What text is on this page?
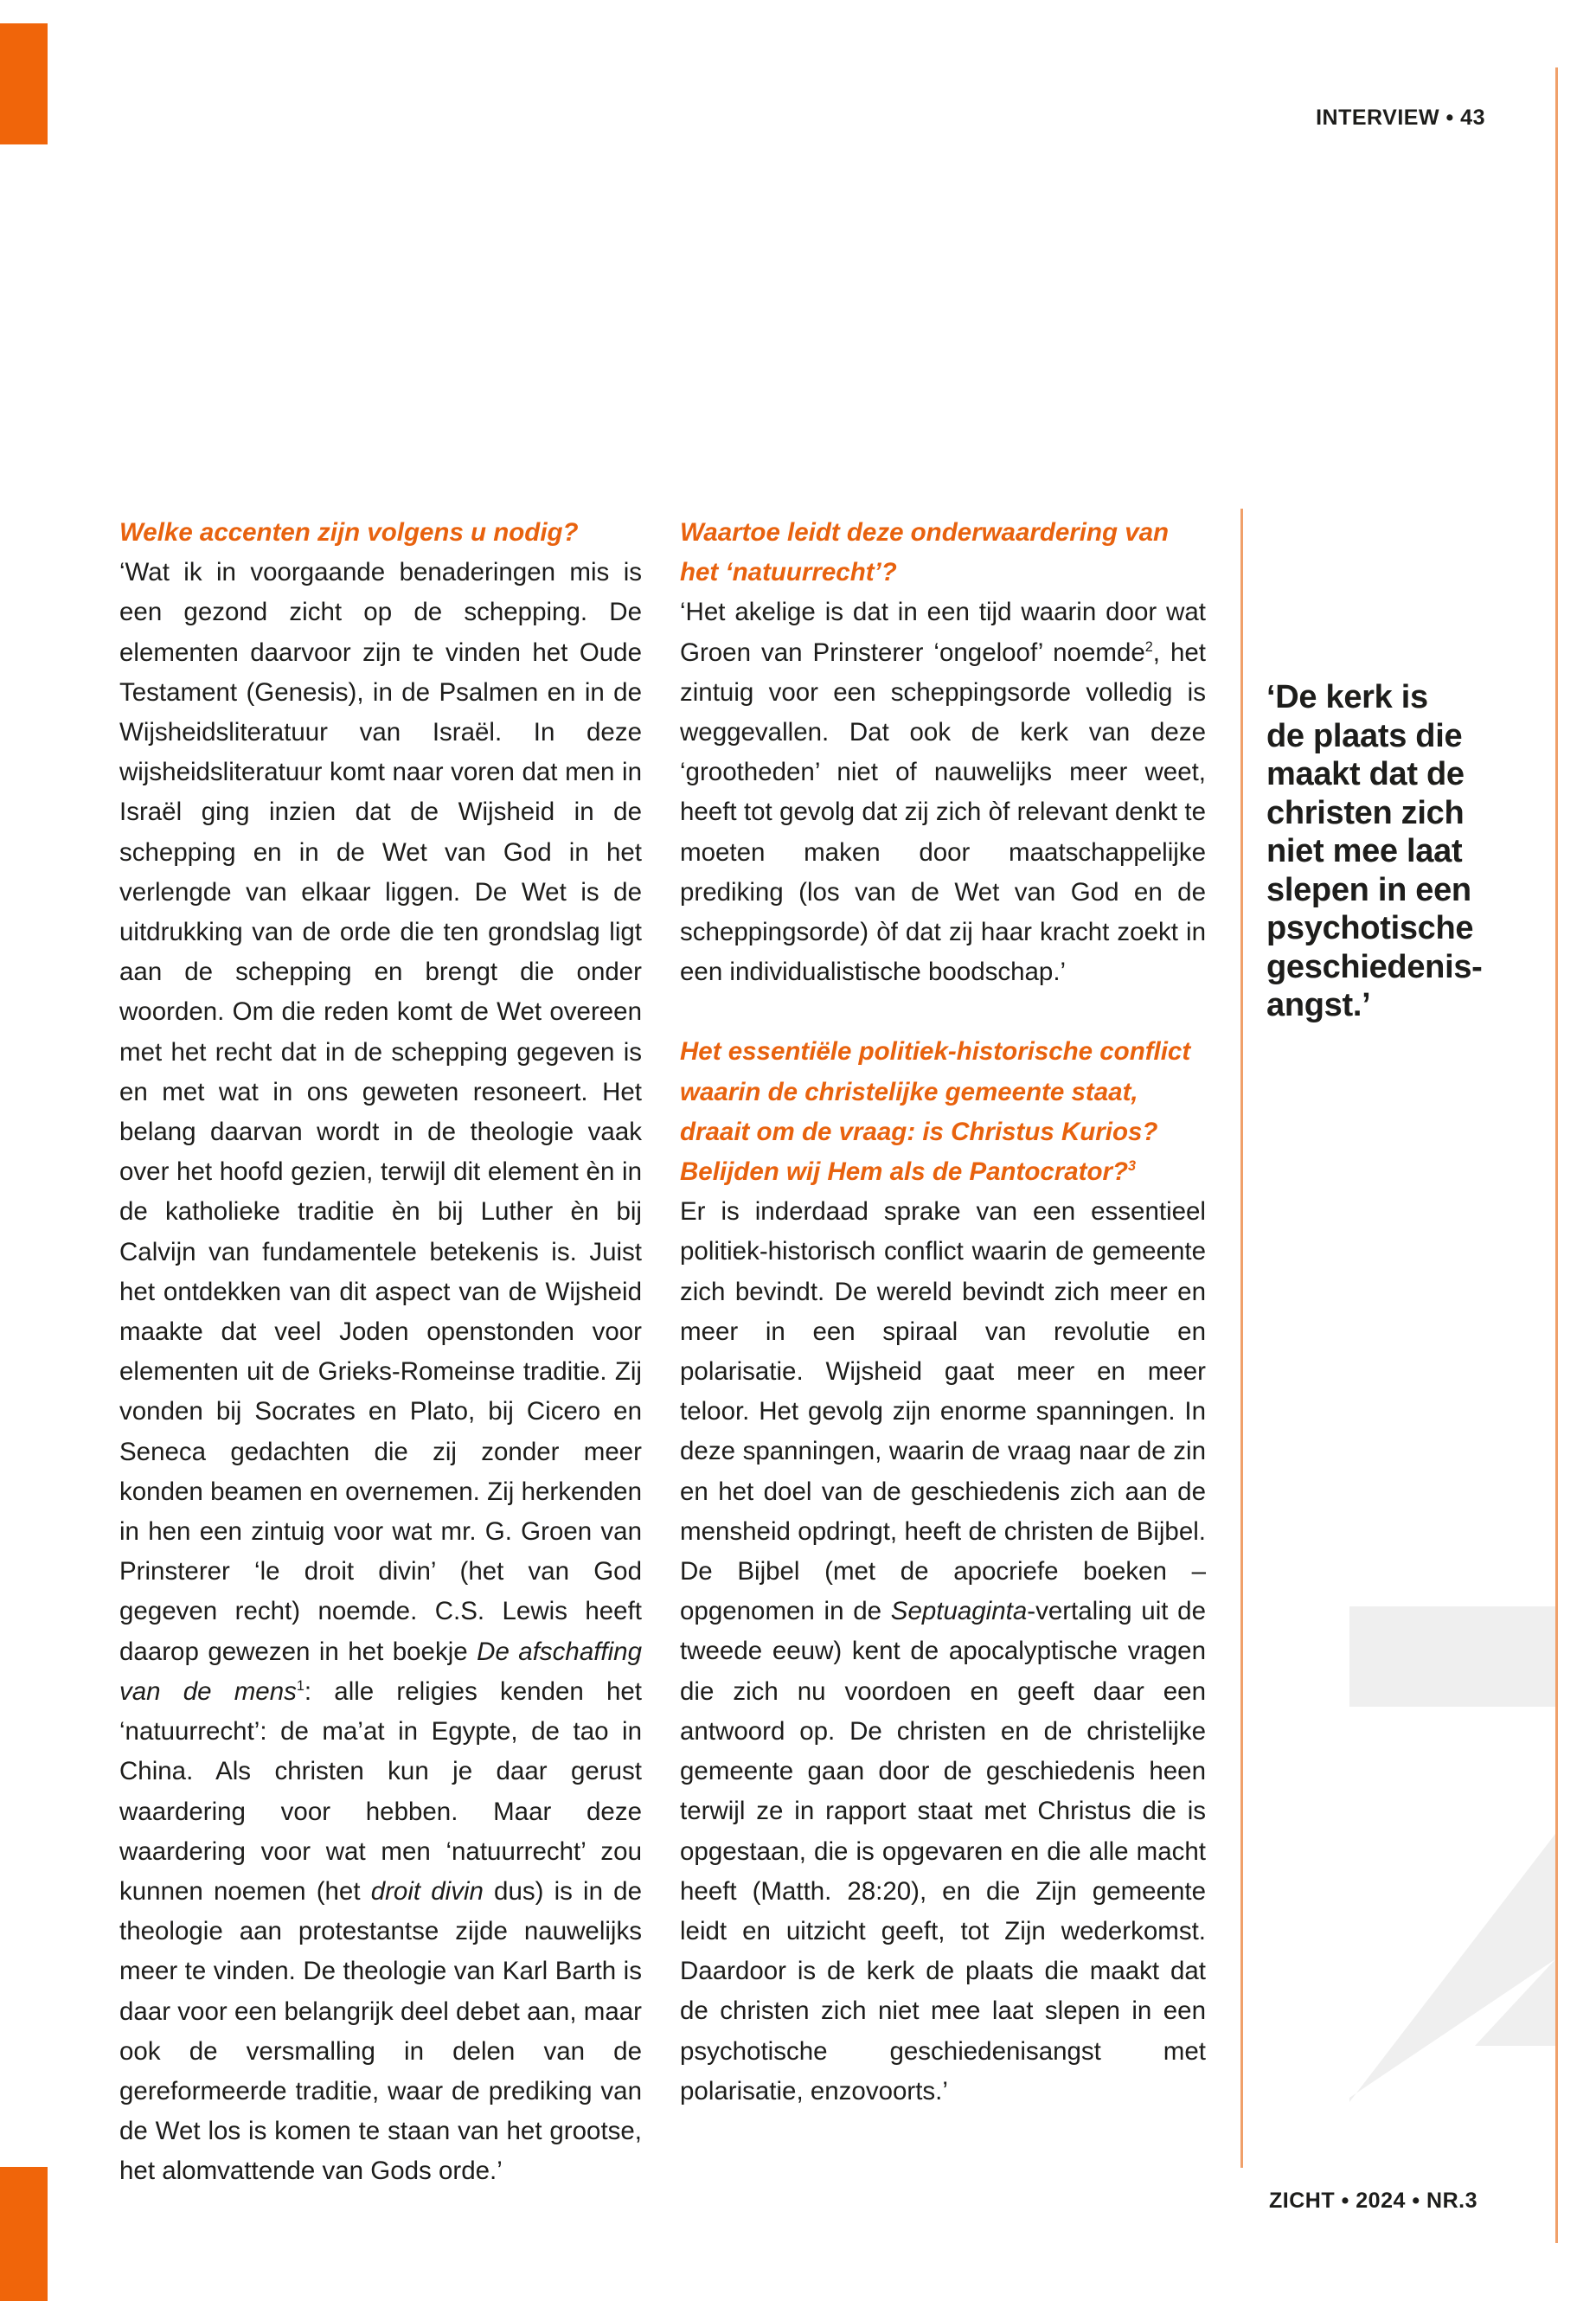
INTERVIEW • 43

Welke accenten zijn volgens u nodig?

‘Wat ik in voorgaande benaderingen mis is een gezond zicht op de schepping. De elementen daarvoor zijn te vinden het Oude Testament (Genesis), in de Psalmen en in de Wijsheidsliteratuur van Israël. In deze wijsheidsliteratuur komt naar voren dat men in Israël ging inzien dat de Wijsheid in de schepping en in de Wet van God in het verlengde van elkaar liggen. De Wet is de uitdrukking van de orde die ten grondslag ligt aan de schepping en brengt die onder woorden. Om die reden komt de Wet overeen met het recht dat in de schepping gegeven is en met wat in ons geweten resoneert. Het belang daarvan wordt in de theologie vaak over het hoofd gezien, terwijl dit element èn in de katholieke traditie èn bij Luther èn bij Calvijn van fundamentele betekenis is. Juist het ontdekken van dit aspect van de Wijsheid maakte dat veel Joden openstonden voor elementen uit de Grieks-Romeinse traditie. Zij vonden bij Socrates en Plato, bij Cicero en Seneca gedachten die zij zonder meer konden beamen en overnemen. Zij herkenden in hen een zintuig voor wat mr. G. Groen van Prinsterer ‘le droit divin’ (het van God gegeven recht) noemde. C.S. Lewis heeft daarop gewezen in het boekje De afschaffing van de mens$^1$: alle religies kenden het ‘natuurrecht’: de ma’at in Egypte, de tao in China. Als christen kun je daar gerust waardering voor hebben. Maar deze waardering voor wat men ‘natuurrecht’ zou kunnen noemen (het droit divin dus) is in de theologie aan protestantse zijde nauwelijks meer te vinden. De theologie van Karl Barth is daar voor een belangrijk deel debet aan, maar ook de versmalling in delen van de gereformeerde traditie, waar de prediking van de Wet los is komen te staan van het grootse, het alomvattende van Gods orde.’

Waartoe leidt deze onderwaardering van het ‘natuurrecht’?

‘Het akelige is dat in een tijd waarin door wat Groen van Prinsterer ‘ongeloof’ noemde$^2$, het zintuig voor een scheppingsorde volledig is weggevallen. Dat ook de kerk van deze ‘grootheden’ niet of nauwelijks meer weet, heeft tot gevolg dat zij zich òf relevant denkt te moeten maken door maatschappelijke prediking (los van de Wet van God en de scheppingsorde) òf dat zij haar kracht zoekt in een individualistische boodschap.’

Het essentiële politiek-historische conflict waarin de christelijke gemeente staat, draait om de vraag: is Christus Kurios? Belijden wij Hem als de Pantocrator?$^3$

Er is inderdaad sprake van een essentieel politiek-historisch conflict waarin de gemeente zich bevindt. De wereld bevindt zich meer en meer in een spiraal van revolutie en polarisatie. Wijsheid gaat meer en meer teloor. Het gevolg zijn enorme spanningen. In deze spanningen, waarin de vraag naar de zin en het doel van de geschiedenis zich aan de mensheid opdringt, heeft de christen de Bijbel. De Bijbel (met de apocriefe boeken – opgenomen in de Septuaginta-vertaling uit de tweede eeuw) kent de apocalyptische vragen die zich nu voordoen en geeft daar een antwoord op. De christen en de christelijke gemeente gaan door de geschiedenis heen terwijl ze in rapport staat met Christus die is opgestaan, die is opgevaren en die alle macht heeft (Matth. 28:20), en die Zijn gemeente leidt en uitzicht geeft, tot Zijn wederkomst. Daardoor is de kerk de plaats die maakt dat de christen zich niet mee laat slepen in een psychotische geschiedenisangst met polarisatie, enzovoorts.’

‘De kerk is
de plaats die
maakt dat de
christen zich
niet mee laat
slepen in een
psychotische
geschiedenis-
angst.’
ZICHT • 2024 • NR.3
